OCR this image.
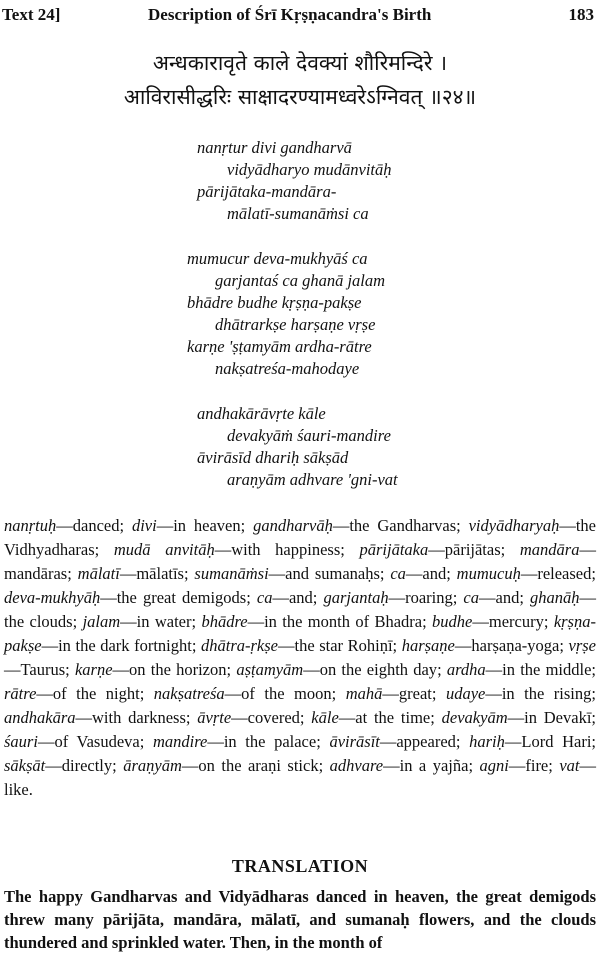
Text 24]	Description of Śrī Kṛṣṇacandra's Birth	183
अन्धकारावृते काले देवक्यां शौरिमन्दिरे ।
आविरासीद्धरिः साक्षादरण्यामध्वरेऽग्निवत् ॥२४॥
nanṛtur divi gandharvā
vidyādharyo mudānvitāḥ
pārijātaka-mandāra-
mālatī-sumanāṁsi ca
mumucur deva-mukhyāś ca
garjantaś ca ghanā jalam
bhādre budhe kṛṣṇa-pakṣe
dhātrarkṣe harṣaṇe vṛṣe
karṇe 'ṣṭamyām ardha-rātre
nakṣatreśa-mahodaye
andhakārāvṛte kāle
devakyāṁ śauri-mandire
āvirāsīd dhariḥ sākṣād
araṇyām adhvare 'gni-vat

nanṛtuḥ—danced; divi—in heaven; gandharvāḥ—the Gandharvas; vidyādharyaḥ—the Vidhyadharas; mudā anvitāḥ—with happiness; pārijātaka—pārijātas; mandāra—mandāras; mālatī—mālatīs; sumanāṁsi—and sumanaḥs; ca—and; mumucuḥ—released; deva-mukhyāḥ—the great demigods; ca—and; garjantaḥ—roaring; ca—and; ghanāḥ—the clouds; jalam—in water; bhādre—in the month of Bhadra; budhe—mercury; kṛṣṇa-pakṣe—in the dark fortnight; dhātra-ṛkṣe—the star Rohiṇī; harṣaṇe—harṣaṇa-yoga; vṛṣe—Taurus; karṇe—on the horizon; aṣṭamyām—on the eighth day; ardha—in the middle; rātre—of the night; nakṣatreśa—of the moon; mahā—great; udaye—in the rising; andhakāra—with darkness; āvṛte—covered; kāle—at the time; devakyām—in Devakī; śauri—of Vasudeva; mandire—in the palace; āvirāsīt—appeared; hariḥ—Lord Hari; sākṣāt—directly; āraṇyām—on the araṇi stick; adhvare—in a yajña; agni—fire; vat—like.

TRANSLATION

The happy Gandharvas and Vidyādharas danced in heaven, the great demigods threw many pārijāta, mandāra, mālatī, and sumanaḥ flowers, and the clouds thundered and sprinkled water. Then, in the month of
